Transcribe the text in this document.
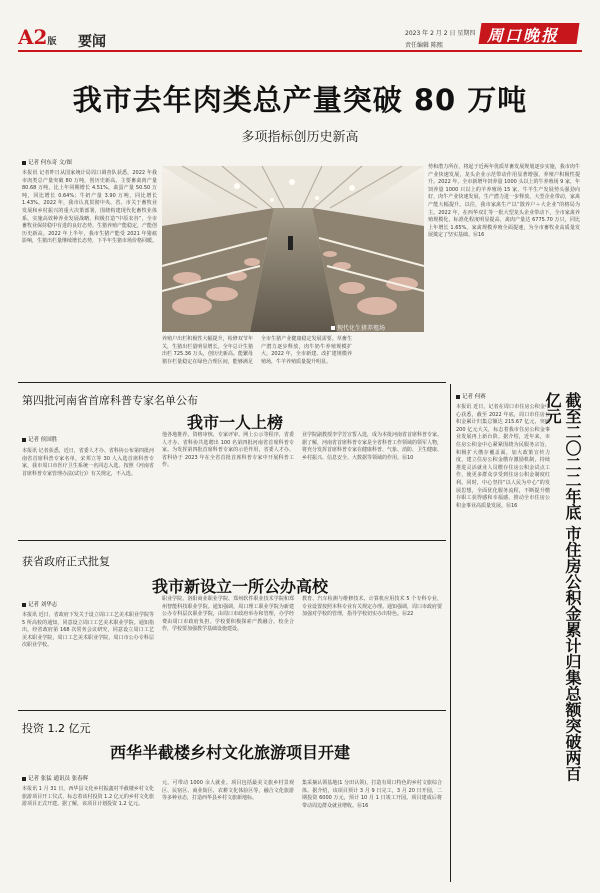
A2版 要闻
2023 年 2 月 2 日 星期四
责任编辑 陈熙
周口晚报
我市去年肉类总产量突破 80 万吨
多项指标创历史新高
记者 何东奇 文/图
本报讯 记者昨日从国家统计局周口调查队获悉，2022 年我市肉类总产量突破 80 万吨，创历史新高。主要畜禽肉产量 80.68 万吨，比上年同期增长 4.51%。禽蛋产量 50.50 万吨，同比增长 0.64%；牛奶产量 3.90 万吨，同比增长 1.43%。2022 年，我市认真贯彻中央、省、市关于畜牧业发展和乡村振兴的重大决策部署，围绕构建现代化畜牧业体系，实施高效种养业发展战略，积极打造“中原农谷”，全市畜牧业保持稳中有进的良好态势。生猪养殖产能稳定，产能创历史新高。2022 年上半年，我市生猪产能受 2021 年猪瘟影响，生猪出栏量继续增长态势，下半年生猪市场价格回暖。
现代化生猪养殖场
养殖户出栏积极性大幅提升，检修双节年关，生猪出栏量明显增长。全年总计生猪出栏 725.36 万头，创历史新高。能繁母猪存栏量稳定在绿色合理区间，能够满足全市生猪产业健康稳定发展需要。草畜生产潜力逐步释放，肉牛奶牛养殖规模扩大。2022 年，全市新建、改扩建规模养殖场，牛羊养殖质量提升明显。
势和潜力所在，将起于近两年优质草畜发展规划逐步实施，我市肉牛产业快速发展，龙头企业示范带动作用显著增强，养殖户积极性提升。2022 年，全市新增年饲养量 1000 头以上的牛养殖场 9 家，年饲养量 1000 只以上的羊养殖场 15 家，牛羊生产发展势头强劲向好，肉牛产业快速发展，生产潜力进一步释放。大型企业带动，家禽产能大幅提升。以往，我市家禽生产以“散养户＋大企业”的格局为主。2022 年，在西华双汇等一批大型龙头企业带动下，全市家禽养殖规模化、标准化程度明显提高，禽肉产量达 6775.70 万只，同比上年增长 1.65%。家禽规模养殖全面提速，为全市畜牧业高质量发展奠定了坚实基础。⑯16
第四批河南省首席科普专家名单公布
我市一人上榜
记者 侯国胜
本报讯 记者获悉，近日，省委人才办、省科协公布第四批河南省首席科普专家名单，宋邦立等 30 人入选首席科普专家，我市周口市医疗卫生系统一名同志入选。按照《河南省首席科普专家管理办法(试行)》有关规定，不入选。
他各地推荐、资格审核、专家评审、网上公示等程序，省委人才办、省科协共选聘出 100 名第四批河南省首席科普专家。为发挥第四批首席科普专家的示范作用，省委人才办、省科协于 2023 年在全省首批首席科普专家中开展科普工作。
业学院副教授李学芳宣誓入选，成为本批河南省首席科普专家。据了解，河南省首席科普专家是全省科普工作领域的领军人物，将充分发挥首席科普专家在健康科普、气象、消防、卫生健康、乡村振兴、信息安全、大数据等领域的作用。⑯10
获省政府正式批复
我市新设立一所公办高校
记者 刘华志
本报讯 近日，省政府下发关于设立周口工艺美术职业学院等 5 所高校的通知，同意设立周口工艺美术职业学院。通知指出，经省政府第 168 次常务会议研究，同意设立周口工艺美术职业学院，周口工艺美术职业学院、周口市公办专科层次职业学校。
职业学院、洛阳商业职业学院、郑州软件职业技术学院和郑州智能科技职业学院。通知强调，周口理工职业学院为新建公办专科层次职业学院，由周口市政府举办和管理，办学经费由周口市政府负担。学校要积极探索产教融合、校企合作，学校要加强教学基础设施建设。
教育、汽车检测与维修技术、计算机应用技术 5 个专科专业，专业设置按照本科专业有关规定办理。通知强调，周口市政府要加强对学校的管理，指导学校切实办出特色。⑯22
投资 1.2 亿元
西华半截楼乡村文化旅游项目开建
记者 张猛 通讯员 张春辉
本报讯 1 月 31 日，西华县文化乡村振鑫村半截楼乡村文化旅游项目开工仪式，标志着该村投资 1.2 亿元的乡村文化旅游项目正式开建。据了解，该项目计划投资 1.2 亿元。
元，可带动 1000 余人就业。项目包括最美文旅乡村景观区、民宿区、商业街区、农耕文化体验区等，融合文化旅游等多种业态，打造西华县乡村文旅新地标。
集采摘认领基地(1 分田认领)，打造有周口特色的乡村文旅综合体。据介绍，该项目预计 3 月 9 日完工，3 月 20 日开园，二期投资 6000 万元，预计 10 月 1 日竣工开园。项目建成后将带动周边群众就业增收。⑯16
记者 何赛	截至二〇二二年底 市住房公积金累计归集总额突破两百亿元
本报讯 近日，记者在周口市住房公积金中心获悉，截至 2022 年底，周口市住房公积金累计归集总额达 215.67 亿元，突破 200 亿元大关，标志着我市住房公积金事业发展再上新台阶。据介绍，近年来，市住房公积金中心紧紧围绕为民服务宗旨，积极扩大缴存覆盖面，加大政策宣传力度，建立住房公积金缴存激励机制，持续推进灵活就业人员缴存住房公积金试点工作，使更多群众享受到住房公积金制度红利。同时，中心坚持“以人民为中心”的发展思想，全面优化服务流程，不断提升缴存职工获得感和幸福感，推动全市住房公积金事业高质量发展。⑯16
